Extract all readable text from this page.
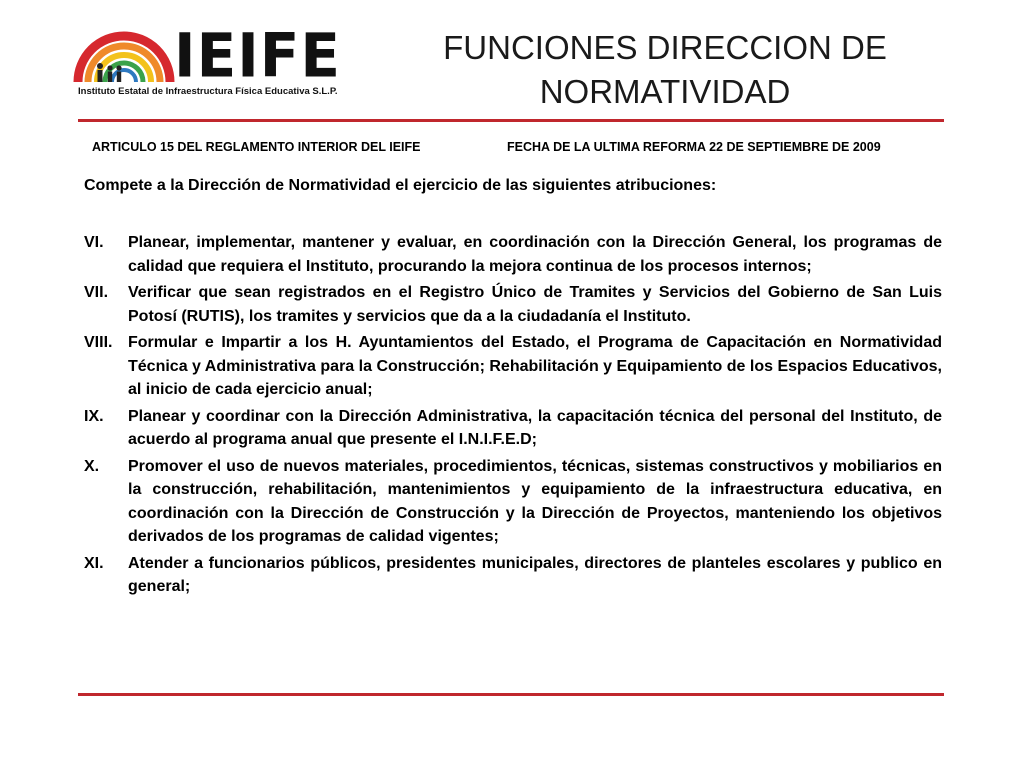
IEIFE
Instituto Estatal de Infraestructura Física Educativa S.L.P.
FUNCIONES DIRECCION DE NORMATIVIDAD
ARTICULO 15 DEL REGLAMENTO INTERIOR DEL IEIFE	FECHA DE LA ULTIMA REFORMA 22 DE SEPTIEMBRE DE 2009

Compete a la Dirección de Normatividad el ejercicio de las siguientes atribuciones:

VI.	Planear, implementar, mantener y evaluar, en coordinación con la Dirección General, los programas de calidad que requiera el Instituto, procurando la mejora continua de los procesos internos;
VII.	Verificar que sean registrados en el Registro Único de Tramites y Servicios del Gobierno de San Luis Potosí (RUTIS), los tramites y servicios que da a la ciudadanía el Instituto.
VIII. Formular e Impartir a los H. Ayuntamientos del Estado, el Programa de Capacitación en Normatividad Técnica y Administrativa para la Construcción; Rehabilitación y Equipamiento de los Espacios Educativos, al inicio de cada ejercicio anual;
IX.	Planear y coordinar con la Dirección Administrativa, la capacitación técnica del personal del Instituto, de acuerdo al programa anual que presente el I.N.I.F.E.D;
X.	Promover el uso de nuevos materiales, procedimientos, técnicas, sistemas constructivos y mobiliarios en la construcción, rehabilitación, mantenimientos y equipamiento de la infraestructura educativa, en coordinación con la Dirección de Construcción y la Dirección de Proyectos, manteniendo los objetivos derivados de los programas de calidad vigentes;
XI.	Atender a funcionarios públicos, presidentes municipales, directores de planteles escolares y publico en general;
